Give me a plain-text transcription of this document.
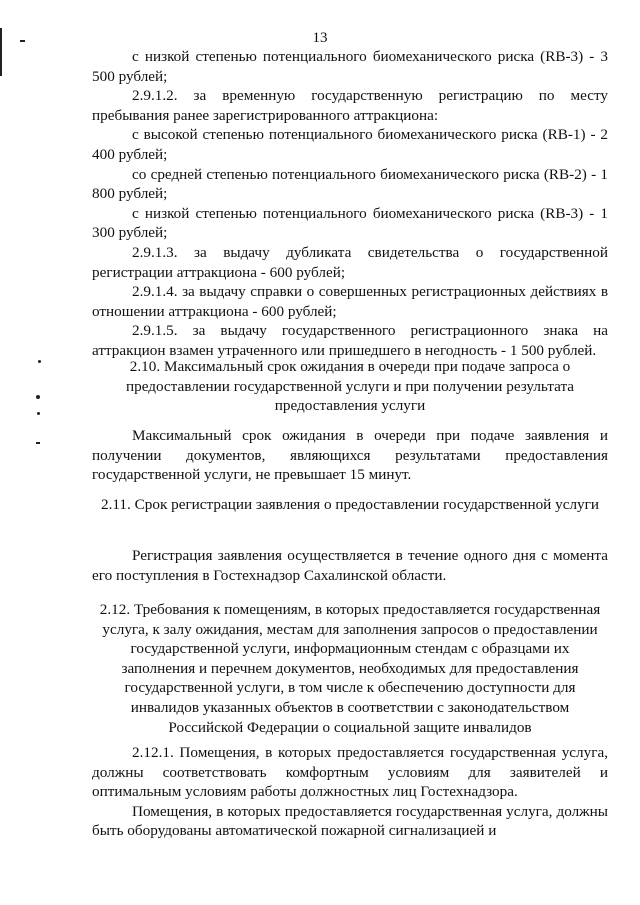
13

с низкой степенью потенциального биомеханического риска (RB-3) - 3 500 рублей;

2.9.1.2. за временную государственную регистрацию по месту пребывания ранее зарегистрированного аттракциона:

с высокой степенью потенциального биомеханического риска (RB-1) - 2 400 рублей;

со средней степенью потенциального биомеханического риска (RB-2) - 1 800 рублей;

с низкой степенью потенциального биомеханического риска (RB-3) - 1 300 рублей;

2.9.1.3. за выдачу дубликата свидетельства о государственной регистрации аттракциона - 600 рублей;

2.9.1.4. за выдачу справки о совершенных регистрационных действиях в отношении аттракциона - 600 рублей;

2.9.1.5. за выдачу государственного регистрационного знака на аттракцион взамен утраченного или пришедшего в негодность - 1 500 рублей.

2.10. Максимальный срок ожидания в очереди при подаче запроса о предоставлении государственной услуги и при получении результата предоставления услуги

Максимальный срок ожидания в очереди при подаче заявления и получении документов, являющихся результатами предоставления государственной услуги, не превышает 15 минут.

2.11. Срок регистрации заявления о предоставлении государственной услуги

Регистрация заявления осуществляется в течение одного дня с момента его поступления в Гостехнадзор Сахалинской области.

2.12. Требования к помещениям, в которых предоставляется государственная услуга, к залу ожидания, местам для заполнения запросов о предоставлении государственной услуги, информационным стендам с образцами их заполнения и перечнем документов, необходимых для предоставления государственной услуги, в том числе к обеспечению доступности для инвалидов указанных объектов в соответствии с законодательством Российской Федерации о социальной защите инвалидов

2.12.1. Помещения, в которых предоставляется государственная услуга, должны соответствовать комфортным условиям для заявителей и оптимальным условиям работы должностных лиц Гостехнадзора.

Помещения, в которых предоставляется государственная услуга, должны быть оборудованы автоматической пожарной сигнализацией и
